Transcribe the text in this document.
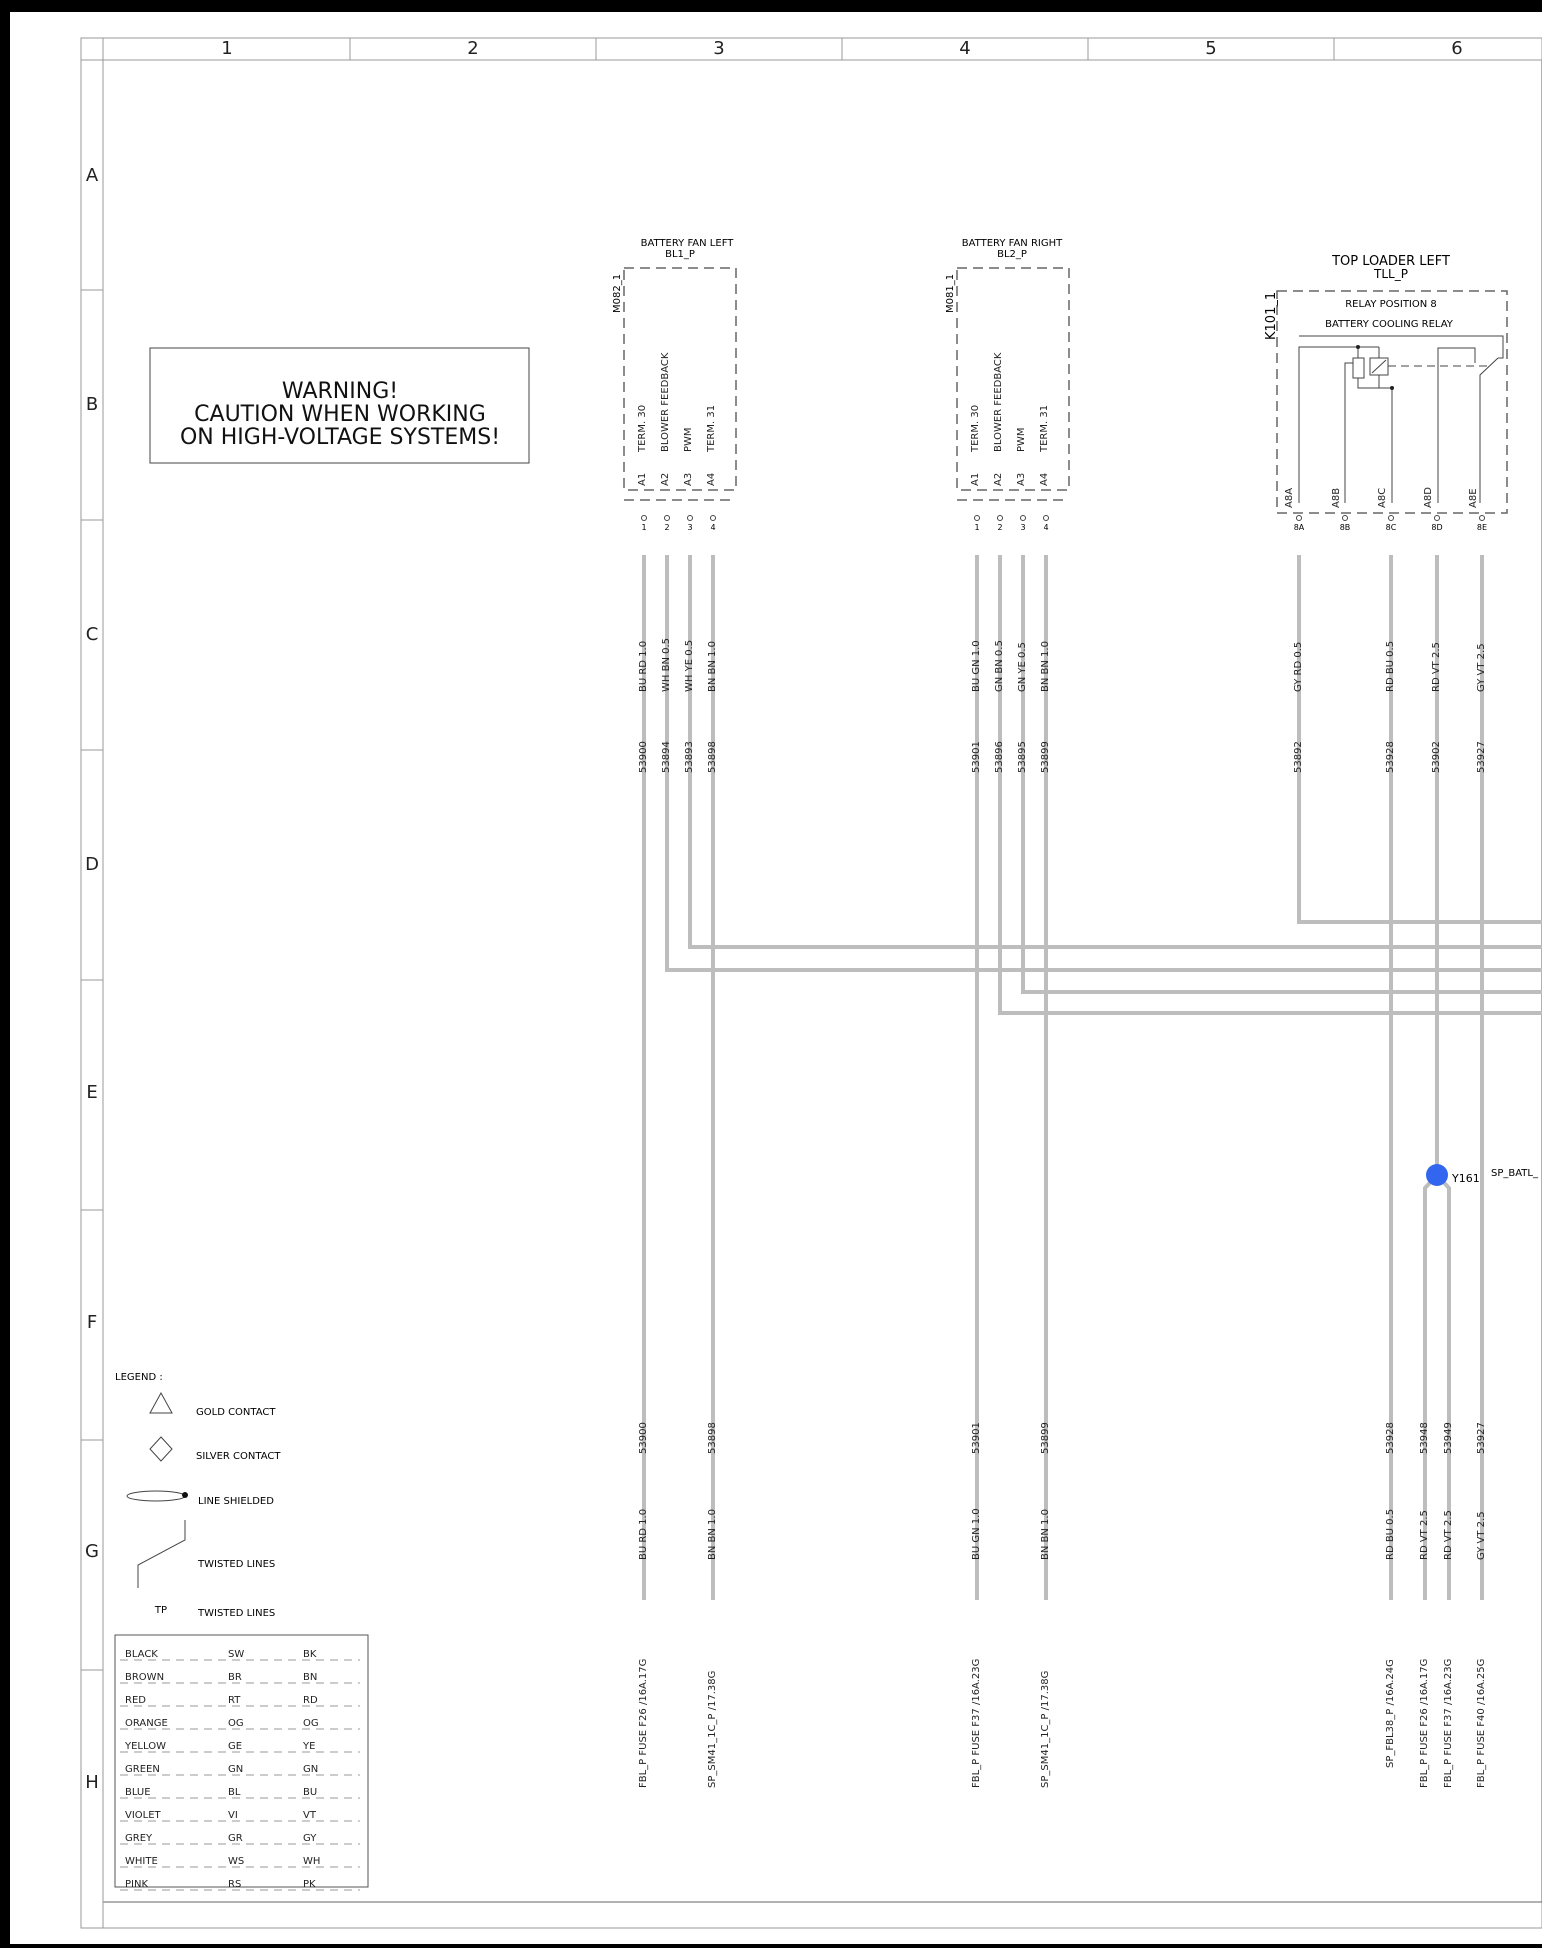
1	2	3	4	5	6
A
B
C
D
E
F
G
H
WARNING!
CAUTION WHEN WORKING
ON HIGH-VOLTAGE SYSTEMS!
BATTERY FAN LEFT
BL1_P
M082_1
TERM. 30 BLOWER FEEDBACK PWM TERM. 31
A1 A2 A3 A4
1 2 3 4
BATTERY FAN RIGHT
BL2_P
M081_1
TERM. 30 BLOWER FEEDBACK PWM TERM. 31
A1 A2 A3 A4
1 2 3 4
TOP LOADER LEFT
TLL_P
K101_1	RELAY POSITION 8
BATTERY COOLING RELAY
A8A	A8B	A8C	A8D	A8E
8A	8B	8C	8D	8E
Y161 SP_BATL_
BU RD 1.0 WH BN 0.5 WH YE 0.5 BN BN 1.0	BU GN 1.0 GN BN 0.5 GN YE 0.5 BN BN 1.0	GY RD 0.5	RD BU 0.5	RD VT 2.5	GY VT 2.5
53900 53894 53893 53898	53901 53896 53895 53899	53892	53928	53902	53927
53900	53898	53901	53899	53928 53948 53949 53927
BU RD 1.0	BN BN 1.0	BU GN 1.0	BN BN 1.0	RD BU 0.5 RD VT 2.5 RD VT 2.5 GY VT 2.5
FBL_P FUSE F26 /16A.17G	SP_SM41_1C_P /17.38G	FBL_P FUSE F37 /16A.23G	SP_SM41_1C_P /17.38G	SP_FBL38_P /16A.24G FBL_P FUSE F26 /16A.17G FBL_P FUSE F37 /16A.23G FBL_P FUSE F40 /16A.25G
LEGEND :
GOLD CONTACT
SILVER CONTACT
LINE SHIELDED
TWISTED LINES
TP	TWISTED LINES
BLACK	SW	BK
BROWN	BR	BN
RED	RT	RD
ORANGE	OG	OG
YELLOW	GE	YE
GREEN	GN	GN
BLUE	BL	BU
VIOLET	VI	VT
GREY	GR	GY
WHITE	WS	WH
PINK	RS	PK
